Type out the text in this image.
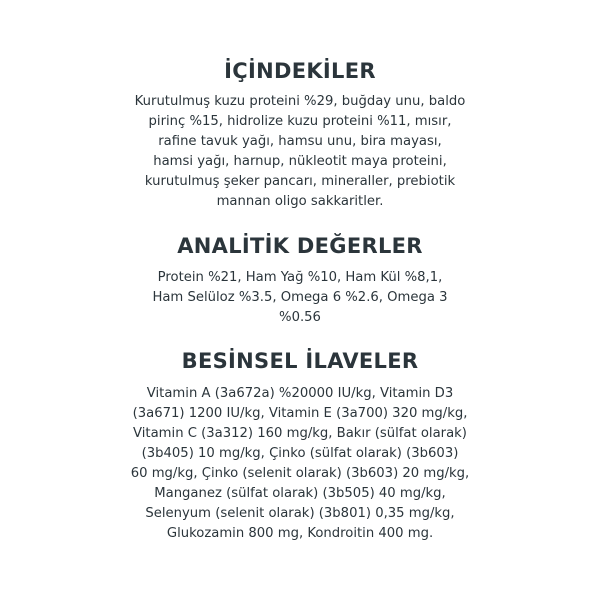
İÇİNDEKİLER
Kurutulmuş kuzu proteini %29, buğday unu, baldo
pirinç %15, hidrolize kuzu proteini %11, mısır,
rafine tavuk yağı, hamsu unu, bira mayası,
hamsi yağı, harnup, nükleotit maya proteini,
kurutulmuş şeker pancarı, mineraller, prebiotik
mannan oligo sakkaritler.
ANALİTİK DEĞERLER
Protein %21, Ham Yağ %10, Ham Kül %8,1,
Ham Selüloz %3.5, Omega 6 %2.6, Omega 3
%0.56
BESİNSEL İLAVELER
Vitamin A (3a672a) %20000 IU/kg, Vitamin D3
(3a671) 1200 IU/kg, Vitamin E (3a700) 320 mg/kg,
Vitamin C (3a312) 160 mg/kg, Bakır (sülfat olarak)
(3b405) 10 mg/kg, Çinko (sülfat olarak) (3b603)
60 mg/kg, Çinko (selenit olarak) (3b603) 20 mg/kg,
Manganez (sülfat olarak) (3b505) 40 mg/kg,
Selenyum (selenit olarak) (3b801) 0,35 mg/kg,
Glukozamin 800 mg, Kondroitin 400 mg.
